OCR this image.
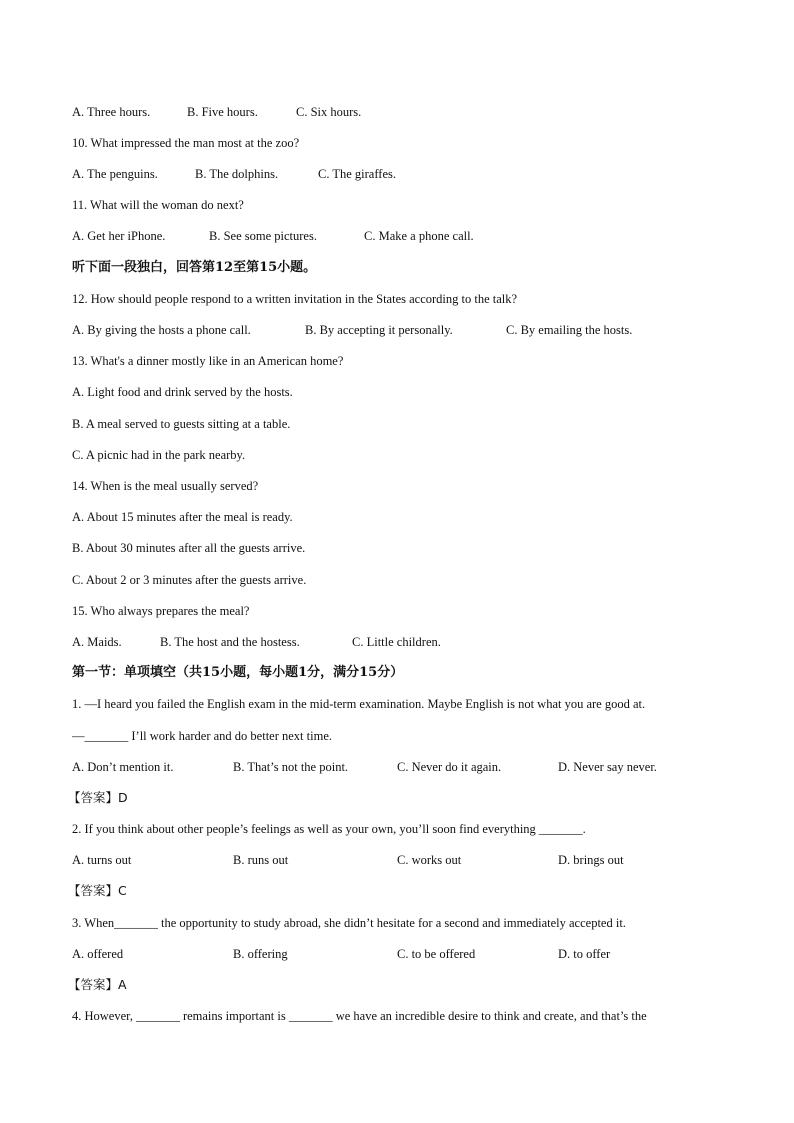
A. Three hours.	B. Five hours.	C. Six hours.
10. What impressed the man most at the zoo?
A. The penguins.	B. The dolphins.	C. The giraffes.
11. What will the woman do next?
A. Get her iPhone.	B. See some pictures.	C. Make a phone call.
听下面一段独白，回答第12至第15小题。
12. How should people respond to a written invitation in the States according to the talk?
A. By giving the hosts a phone call.	B. By accepting it personally.	C. By emailing the hosts.
13. What's a dinner mostly like in an American home?
A. Light food and drink served by the hosts.
B. A meal served to guests sitting at a table.
C. A picnic had in the park nearby.
14. When is the meal usually served?
A. About 15 minutes after the meal is ready.
B. About 30 minutes after all the guests arrive.
C. About 2 or 3 minutes after the guests arrive.
15. Who always prepares the meal?
A. Maids.	B. The host and the hostess.	C. Little children.
第一节：单项填空（共15小题，每小题1分，满分15分）
1. —I heard you failed the English exam in the mid-term examination. Maybe English is not what you are good at.
—_______ I’ll work harder and do better next time.
A. Don’t mention it.	B. That’s not the point.	C. Never do it again.	D. Never say never.
【答案】D
2. If you think about other people’s feelings as well as your own, you’ll soon find everything _______.
A. turns out	B. runs out	C. works out	D. brings out
【答案】C
3. When_______ the opportunity to study abroad, she didn’t hesitate for a second and immediately accepted it.
A. offered	B. offering	C. to be offered	D. to offer
【答案】A
4. However, _______ remains important is _______ we have an incredible desire to think and create, and that’s the
